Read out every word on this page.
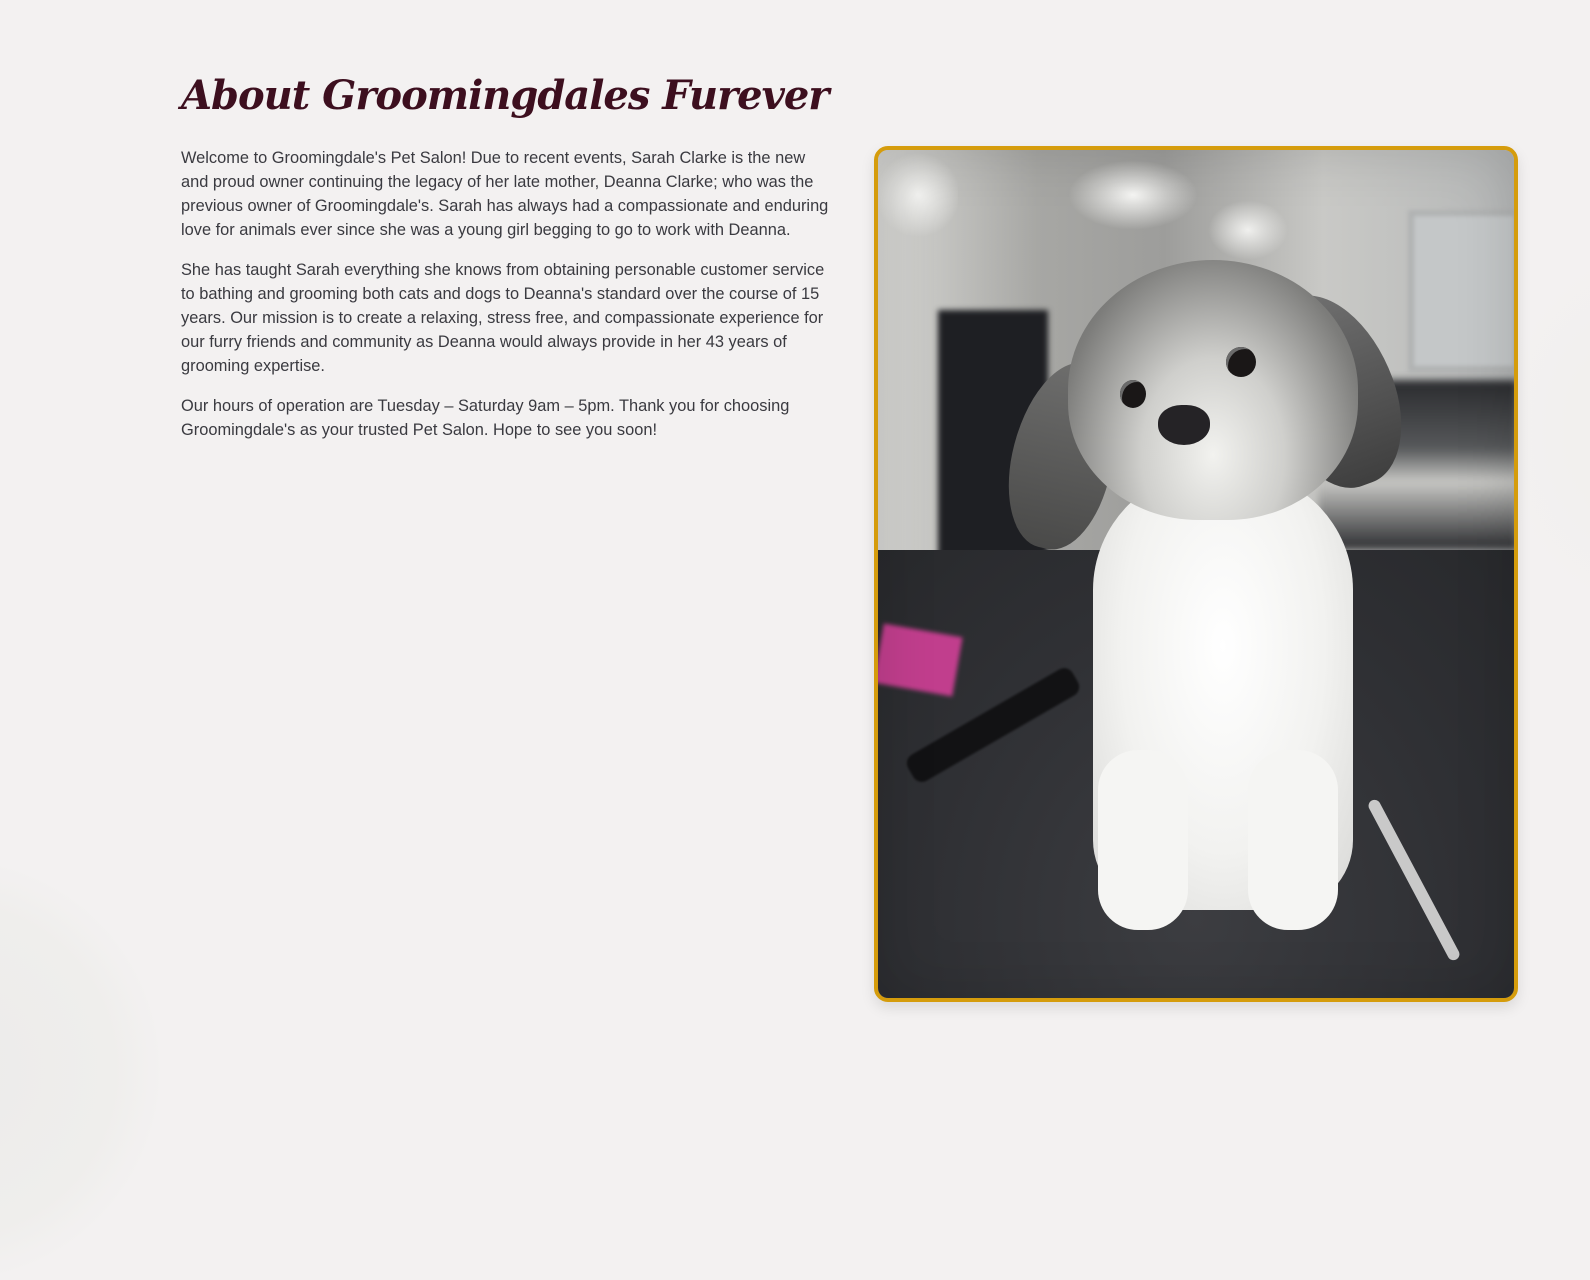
About Groomingdales Furever

Welcome to Groomingdale's Pet Salon! Due to recent events, Sarah Clarke is the new and proud owner continuing the legacy of her late mother, Deanna Clarke; who was the previous owner of Groomingdale's. Sarah has always had a compassionate and enduring love for animals ever since she was a young girl begging to go to work with Deanna.

She has taught Sarah everything she knows from obtaining personable customer service to bathing and grooming both cats and dogs to Deanna's standard over the course of 15 years. Our mission is to create a relaxing, stress free, and compassionate experience for our furry friends and community as Deanna would always provide in her 43 years of grooming expertise.

Our hours of operation are Tuesday – Saturday 9am – 5pm. Thank you for choosing Groomingdale's as your trusted Pet Salon. Hope to see you soon!
